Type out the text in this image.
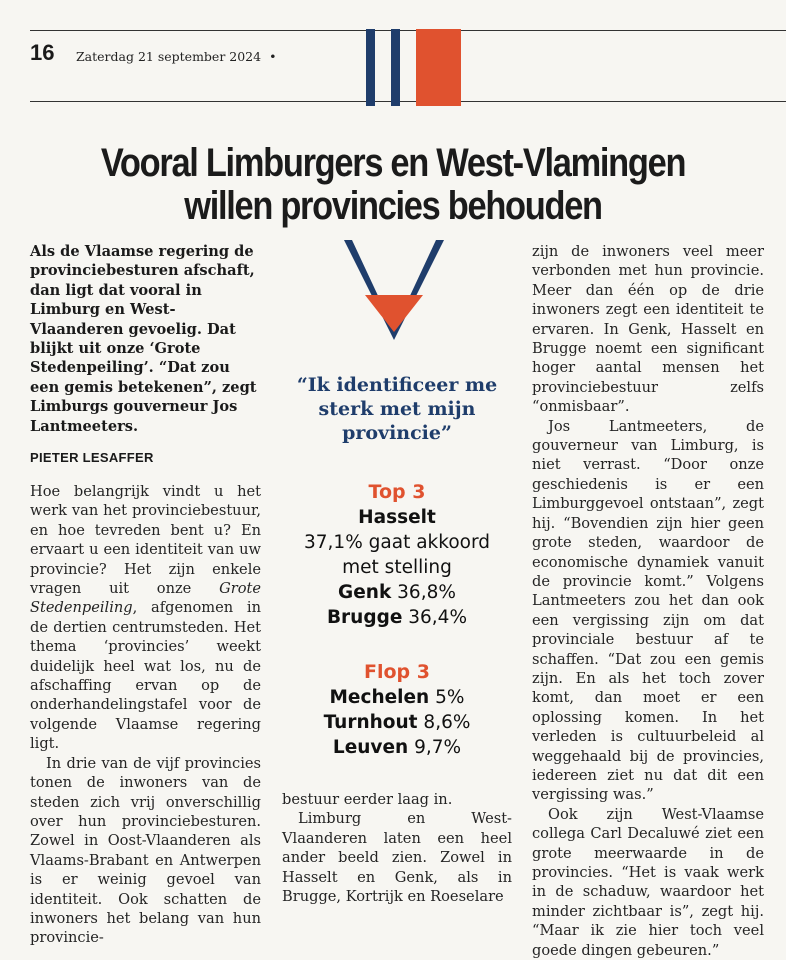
16 Zaterdag 21 september 2024 •
Vooral Limburgers en West-Vlamingen
willen provincies behouden
Als de Vlaamse regering de provinciebesturen afschaft, dan ligt dat vooral in Limburg en West-Vlaanderen gevoelig. Dat blijkt uit onze ‘Grote Stedenpeiling’. “Dat zou een gemis betekenen”, zegt Limburgs gouverneur Jos Lantmeeters.
PIETER LESAFFER

Hoe belangrijk vindt u het werk van het provinciebestuur, en hoe tevreden bent u? En ervaart u een identiteit van uw provincie? Het zijn enkele vragen uit onze Grote Stedenpeiling, afgenomen in de dertien centrumsteden. Het thema ‘provincies’ weekt duidelijk heel wat los, nu de afschaffing ervan op de onderhandelingstafel voor de volgende Vlaamse regering ligt.

In drie van de vijf provincies tonen de inwoners van de steden zich vrij onverschillig over hun provinciebesturen. Zowel in Oost-Vlaanderen als Vlaams-Brabant en Antwerpen is er weinig gevoel van identiteit. Ook schatten de inwoners het belang van hun provincie-

“Ik identificeer me sterk met mijn provincie”
Top 3
Hasselt
37,1% gaat akkoord
met stelling
Genk 36,8%
Brugge 36,4%
Flop 3
Mechelen 5%
Turnhout 8,6%
Leuven 9,7%

bestuur eerder laag in.

Limburg en West-Vlaanderen laten een heel ander beeld zien. Zowel in Hasselt en Genk, als in Brugge, Kortrijk en Roeselare

zijn de inwoners veel meer verbonden met hun provincie. Meer dan één op de drie inwoners zegt een identiteit te ervaren. In Genk, Hasselt en Brugge noemt een significant hoger aantal mensen het provinciebestuur zelfs “onmisbaar”.

Jos Lantmeeters, de gouverneur van Limburg, is niet verrast. “Door onze geschiedenis is er een Limburggevoel ontstaan”, zegt hij. “Bovendien zijn hier geen grote steden, waardoor de economische dynamiek vanuit de provincie komt.” Volgens Lantmeeters zou het dan ook een vergissing zijn om dat provinciale bestuur af te schaffen. “Dat zou een gemis zijn. En als het toch zover komt, dan moet er een oplossing komen. In het verleden is cultuurbeleid al weggehaald bij de provincies, iedereen ziet nu dat dit een vergissing was.”

Ook zijn West-Vlaamse collega Carl Decaluwé ziet een grote meerwaarde in de provincies. “Het is vaak werk in de schaduw, waardoor het minder zichtbaar is”, zegt hij. “Maar ik zie hier toch veel goede dingen gebeuren.”
